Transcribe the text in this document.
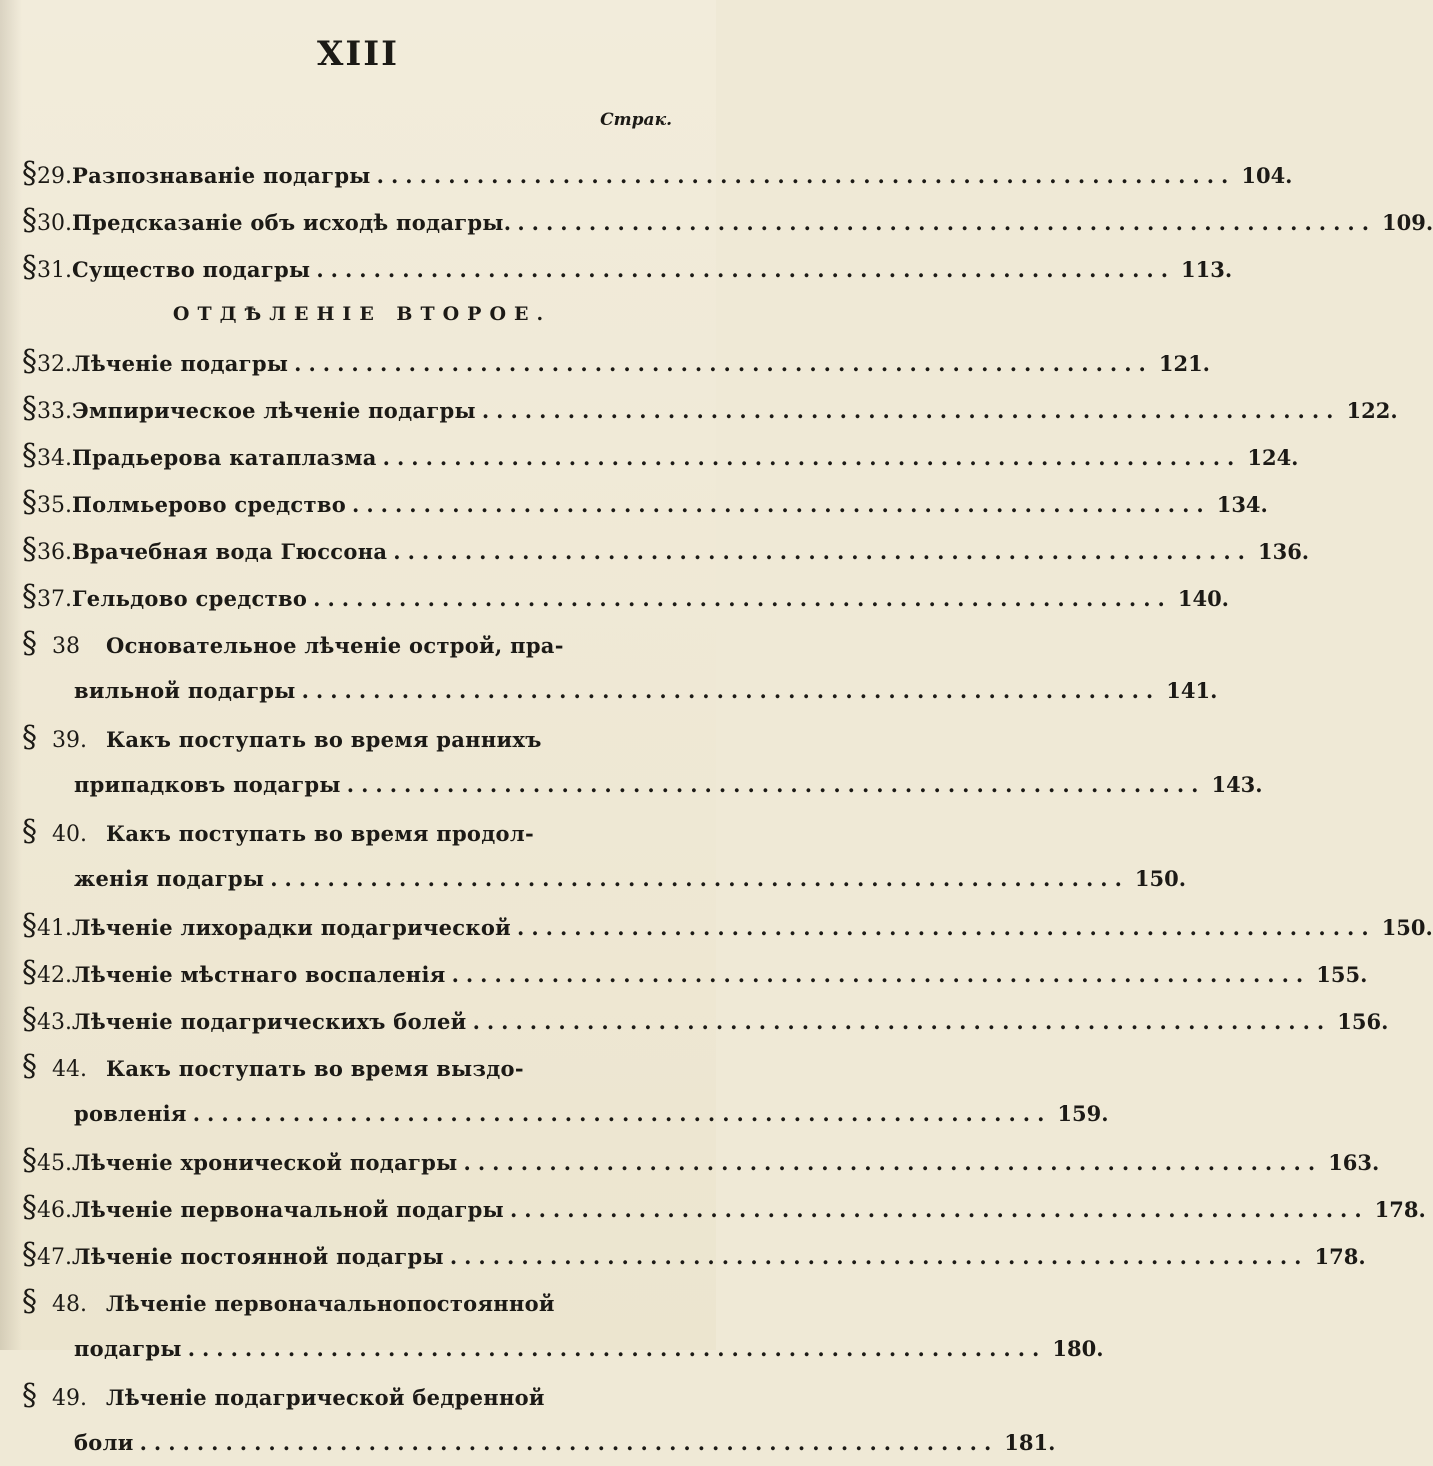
XIII
Страк.
§ 29. Разпознаванiе подагры ............................................................ 104.
§ 30. Предсказанiе объ исходѣ подагры. ............................................................ 109.
§ 31. Существо подагры ............................................................ 113.
ОТДѢЛЕНIЕ ВТОРОЕ.
§ 32. Лѣченiе подагры ............................................................ 121.
§ 33. Эмпирическое лѣченiе подагры ............................................................ 122.
§ 34. Прадьерова катаплазма ............................................................ 124.
§ 35. Полмьерово средство ............................................................ 134.
§ 36. Врачебная вода Гюссона ............................................................ 136.
§ 37. Гельдово средство ............................................................ 140.
§ 38	Основательное лѣченiе острой, пра-
вильной подагры ............................................................ 141.
§ 39. Какъ поступать во время раннихъ
припадковъ подагры ............................................................ 143.
§ 40. Какъ поступать во время продол-
женiя подагры ............................................................ 150.
§ 41. Лѣченiе лихорадки подагрической ............................................................ 150.
§ 42. Лѣченiе мѣстнаго воспаленiя ............................................................ 155.
§ 43. Лѣченiе подагрическихъ болей ............................................................ 156.
§ 44. Какъ поступать во время выздо-
ровленiя ............................................................ 159.
§ 45. Лѣченiе хронической подагры ............................................................ 163.
§ 46. Лѣченiе первоначальной подагры ............................................................ 178.
§ 47. Лѣченiе постоянной подагры ............................................................ 178.
§ 48. Лѣченiе первоначальнопостоянной
подагры ............................................................ 180.
§ 49. Лѣченiе подагрической бедренной
боли ............................................................ 181.
